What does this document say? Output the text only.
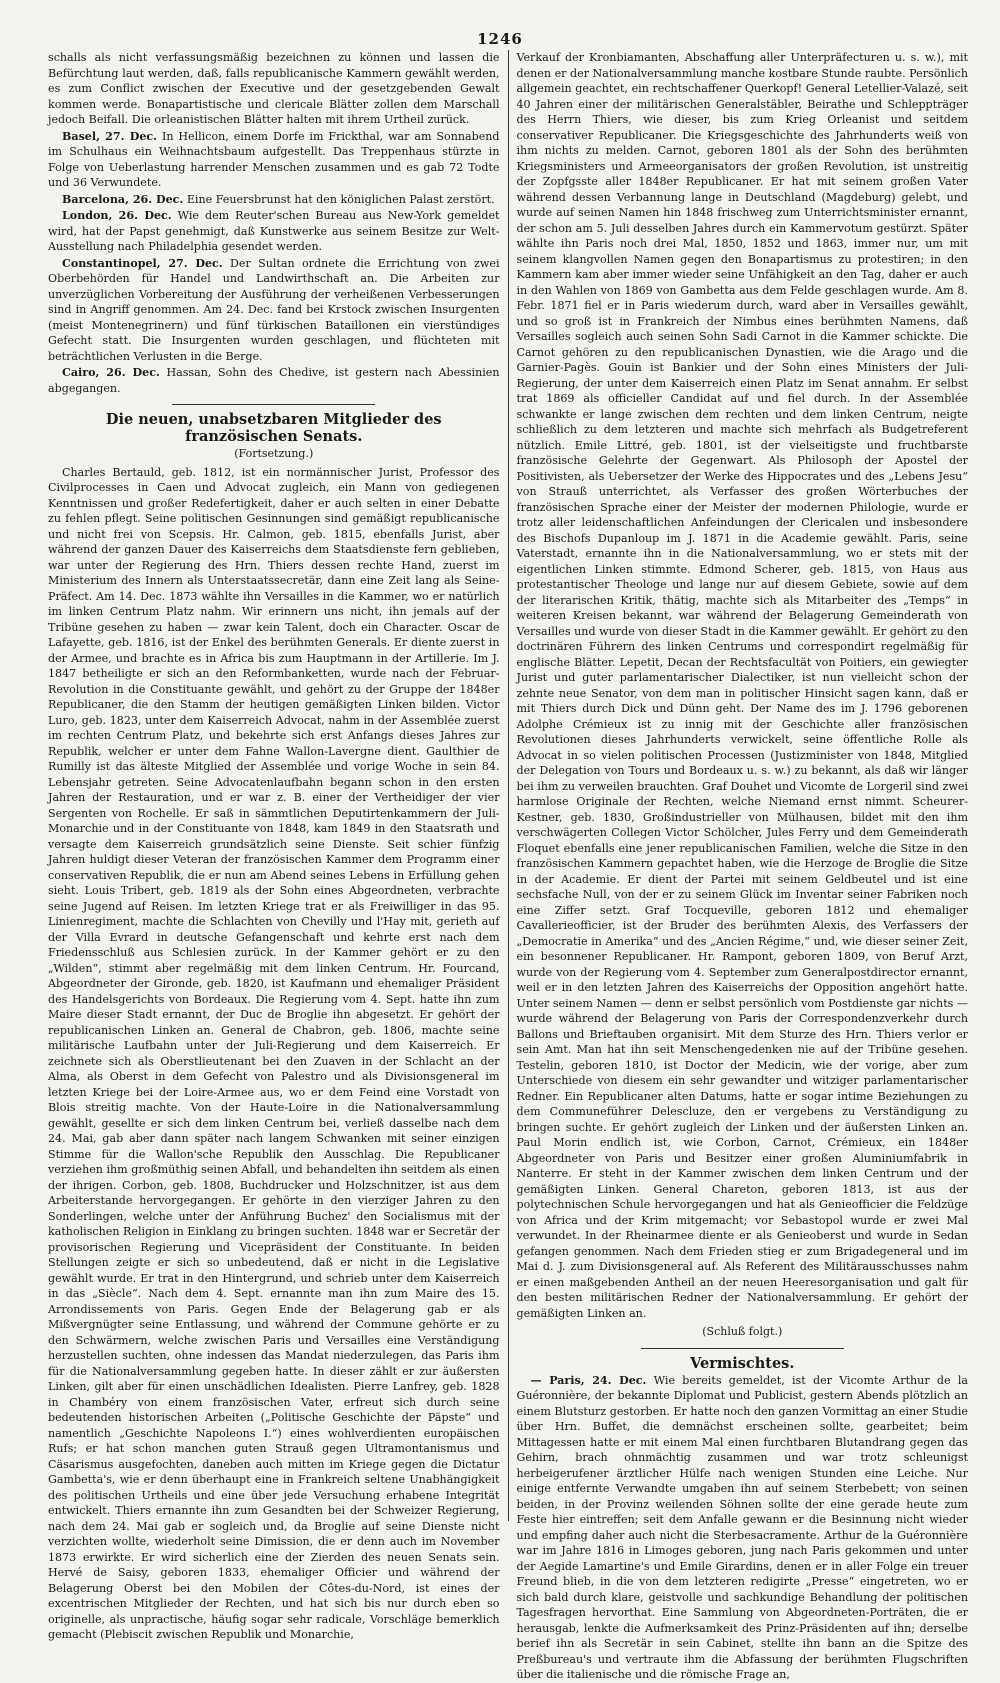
1246

schalls als nicht verfassungsmäßig bezeichnen zu können und lassen die Befürchtung laut werden, daß, falls republicanische Kammern gewählt werden, es zum Conflict zwischen der Executive und der gesetzgebenden Gewalt kommen werde. Bonapartistische und clericale Blätter zollen dem Marschall jedoch Beifall. Die orleanistischen Blätter halten mit ihrem Urtheil zurück.

Basel, 27. Dec. In Hellicon, einem Dorfe im Frickthal, war am Sonnabend im Schulhaus ein Weihnachtsbaum aufgestellt. Das Treppenhaus stürzte in Folge von Ueberlastung harrender Menschen zusammen und es gab 72 Todte und 36 Verwundete.

Barcelona, 26. Dec. Eine Feuersbrunst hat den königlichen Palast zerstört.

London, 26. Dec. Wie dem Reuter'schen Bureau aus New-York gemeldet wird, hat der Papst genehmigt, daß Kunstwerke aus seinem Besitze zur Welt-Ausstellung nach Philadelphia gesendet werden.

Constantinopel, 27. Dec. Der Sultan ordnete die Errichtung von zwei Oberbehörden für Handel und Landwirthschaft an. Die Arbeiten zur unverzüglichen Vorbereitung der Ausführung der verheißenen Verbesserungen sind in Angriff genommen. Am 24. Dec. fand bei Krstock zwischen Insurgenten (meist Montenegrinern) und fünf türkischen Bataillonen ein vierstündiges Gefecht statt. Die Insurgenten wurden geschlagen, und flüchteten mit beträchtlichen Verlusten in die Berge.

Cairo, 26. Dec. Hassan, Sohn des Chedive, ist gestern nach Abessinien abgegangen.

Die neuen, unabsetzbaren Mitglieder des französischen Senats.
(Fortsetzung.)

Charles Bertauld, geb. 1812, ist ein normännischer Jurist, Professor des Civilprocesses in Caen und Advocat zugleich, ein Mann von gediegenen Kenntnissen und großer Redefertigkeit, daher er auch selten in einer Debatte zu fehlen pflegt. Seine politischen Gesinnungen sind gemäßigt republicanische und nicht frei von Scepsis. Hr. Calmon, geb. 1815, ebenfalls Jurist, aber während der ganzen Dauer des Kaiserreichs dem Staatsdienste fern geblieben, war unter der Regierung des Hrn. Thiers dessen rechte Hand, zuerst im Ministerium des Innern als Unterstaatssecretär, dann eine Zeit lang als Seine-Präfect. Am 14. Dec. 1873 wählte ihn Versailles in die Kammer, wo er natürlich im linken Centrum Platz nahm. Wir erinnern uns nicht, ihn jemals auf der Tribüne gesehen zu haben — zwar kein Talent, doch ein Character. Oscar de Lafayette, geb. 1816, ist der Enkel des berühmten Generals. Er diente zuerst in der Armee, und brachte es in Africa bis zum Hauptmann in der Artillerie. Im J. 1847 betheiligte er sich an den Reformbanketten, wurde nach der Februar-Revolution in die Constituante gewählt, und gehört zu der Gruppe der 1848er Republicaner, die den Stamm der heutigen gemäßigten Linken bilden. Victor Luro, geb. 1823, unter dem Kaiserreich Advocat, nahm in der Assemblée zuerst im rechten Centrum Platz, und bekehrte sich erst Anfangs dieses Jahres zur Republik, welcher er unter dem Fahne Wallon-Lavergne dient. Gaulthier de Rumilly ist das älteste Mitglied der Assemblée und vorige Woche in sein 84. Lebensjahr getreten. Seine Advocatenlaufbahn begann schon in den ersten Jahren der Restauration, und er war z. B. einer der Vertheidiger der vier Sergenten von Rochelle. Er saß in sämmtlichen Deputirtenkammern der Juli-Monarchie und in der Constituante von 1848, kam 1849 in den Staatsrath und versagte dem Kaiserreich grundsätzlich seine Dienste. Seit schier fünfzig Jahren huldigt dieser Veteran der französischen Kammer dem Programm einer conservativen Republik, die er nun am Abend seines Lebens in Erfüllung gehen sieht. Louis Tribert, geb. 1819 als der Sohn eines Abgeordneten, verbrachte seine Jugend auf Reisen. Im letzten Kriege trat er als Freiwilliger in das 95. Linienregiment, machte die Schlachten von Chevilly und l'Hay mit, gerieth auf der Villa Evrard in deutsche Gefangenschaft und kehrte erst nach dem Friedensschluß aus Schlesien zurück. In der Kammer gehört er zu den „Wilden“, stimmt aber regelmäßig mit dem linken Centrum. Hr. Fourcand, Abgeordneter der Gironde, geb. 1820, ist Kaufmann und ehemaliger Präsident des Handelsgerichts von Bordeaux. Die Regierung vom 4. Sept. hatte ihn zum Maire dieser Stadt ernannt, der Duc de Broglie ihn abgesetzt. Er gehört der republicanischen Linken an. General de Chabron, geb. 1806, machte seine militärische Laufbahn unter der Juli-Regierung und dem Kaiserreich. Er zeichnete sich als Oberstlieutenant bei den Zuaven in der Schlacht an der Alma, als Oberst in dem Gefecht von Palestro und als Divisionsgeneral im letzten Kriege bei der Loire-Armee aus, wo er dem Feind eine Vorstadt von Blois streitig machte. Von der Haute-Loire in die Nationalversammlung gewählt, gesellte er sich dem linken Centrum bei, verließ dasselbe nach dem 24. Mai, gab aber dann später nach langem Schwanken mit seiner einzigen Stimme für die Wallon'sche Republik den Ausschlag. Die Republicaner verziehen ihm großmüthig seinen Abfall, und behandelten ihn seitdem als einen der ihrigen. Corbon, geb. 1808, Buchdrucker und Holzschnitzer, ist aus dem Arbeiterstande hervorgegangen. Er gehörte in den vierziger Jahren zu den Sonderlingen, welche unter der Anführung Buchez' den Socialismus mit der katholischen Religion in Einklang zu bringen suchten. 1848 war er Secretär der provisorischen Regierung und Vicepräsident der Constituante. In beiden Stellungen zeigte er sich so unbedeutend, daß er nicht in die Legislative gewählt wurde. Er trat in den Hintergrund, und schrieb unter dem Kaiserreich in das „Siècle“. Nach dem 4. Sept. ernannte man ihn zum Maire des 15. Arrondissements von Paris. Gegen Ende der Belagerung gab er als Mißvergnügter seine Entlassung, und während der Commune gehörte er zu den Schwärmern, welche zwischen Paris und Versailles eine Verständigung herzustellen suchten, ohne indessen das Mandat niederzulegen, das Paris ihm für die Nationalversammlung gegeben hatte. In dieser zählt er zur äußersten Linken, gilt aber für einen unschädlichen Idealisten. Pierre Lanfrey, geb. 1828 in Chambéry von einem französischen Vater, erfreut sich durch seine bedeutenden historischen Arbeiten („Politische Geschichte der Päpste“ und namentlich „Geschichte Napoleons I.“) eines wohlverdienten europäischen Rufs; er hat schon manchen guten Strauß gegen Ultramontanismus und Cäsarismus ausgefochten, daneben auch mitten im Kriege gegen die Dictatur Gambetta's, wie er denn überhaupt eine in Frankreich seltene Unabhängigkeit des politischen Urtheils und eine über jede Versuchung erhabene Integrität entwickelt. Thiers ernannte ihn zum Gesandten bei der Schweizer Regierung, nach dem 24. Mai gab er sogleich und, da Broglie auf seine Dienste nicht verzichten wollte, wiederholt seine Dimission, die er denn auch im November 1873 erwirkte. Er wird sicherlich eine der Zierden des neuen Senats sein. Hervé de Saisy, geboren 1833, ehemaliger Officier und während der Belagerung Oberst bei den Mobilen der Côtes-du-Nord, ist eines der excentrischen Mitglieder der Rechten, und hat sich bis nur durch eben so originelle, als unpractische, häufig sogar sehr radicale, Vorschläge bemerklich gemacht (Plebiscit zwischen Republik und Monarchie,

Verkauf der Kronbiamanten, Abschaffung aller Unterpräfecturen u. s. w.), mit denen er der Nationalversammlung manche kostbare Stunde raubte. Persönlich allgemein geachtet, ein rechtschaffener Querkopf! General Letellier-Valazé, seit 40 Jahren einer der militärischen Generalstäbler, Beirathe und Schleppträger des Herrn Thiers, wie dieser, bis zum Krieg Orleanist und seitdem conservativer Republicaner. Die Kriegsgeschichte des Jahrhunderts weiß von ihm nichts zu melden. Carnot, geboren 1801 als der Sohn des berühmten Kriegsministers und Armeeorganisators der großen Revolution, ist unstreitig der Zopfgsste aller 1848er Republicaner. Er hat mit seinem großen Vater während dessen Verbannung lange in Deutschland (Magdeburg) gelebt, und wurde auf seinen Namen hin 1848 frischweg zum Unterrichtsminister ernannt, der schon am 5. Juli desselben Jahres durch ein Kammervotum gestürzt. Später wählte ihn Paris noch drei Mal, 1850, 1852 und 1863, immer nur, um mit seinem klangvollen Namen gegen den Bonapartismus zu protestiren; in den Kammern kam aber immer wieder seine Unfähigkeit an den Tag, daher er auch in den Wahlen von 1869 von Gambetta aus dem Felde geschlagen wurde. Am 8. Febr. 1871 fiel er in Paris wiederum durch, ward aber in Versailles gewählt, und so groß ist in Frankreich der Nimbus eines berühmten Namens, daß Versailles sogleich auch seinen Sohn Sadi Carnot in die Kammer schickte. Die Carnot gehören zu den republicanischen Dynastien, wie die Arago und die Garnier-Pagès. Gouin ist Bankier und der Sohn eines Ministers der Juli-Regierung, der unter dem Kaiserreich einen Platz im Senat annahm. Er selbst trat 1869 als officieller Candidat auf und fiel durch. In der Assemblée schwankte er lange zwischen dem rechten und dem linken Centrum, neigte schließlich zu dem letzteren und machte sich mehrfach als Budgetreferent nützlich. Emile Littré, geb. 1801, ist der vielseitigste und fruchtbarste französische Gelehrte der Gegenwart. Als Philosoph der Apostel der Positivisten, als Uebersetzer der Werke des Hippocrates und des „Lebens Jesu“ von Strauß unterrichtet, als Verfasser des großen Wörterbuches der französischen Sprache einer der Meister der modernen Philologie, wurde er trotz aller leidenschaftlichen Anfeindungen der Clericalen und insbesondere des Bischofs Dupanloup im J. 1871 in die Academie gewählt. Paris, seine Vaterstadt, ernannte ihn in die Nationalversammlung, wo er stets mit der eigentlichen Linken stimmte. Edmond Scherer, geb. 1815, von Haus aus protestantischer Theologe und lange nur auf diesem Gebiete, sowie auf dem der literarischen Kritik, thätig, machte sich als Mitarbeiter des „Temps“ in weiteren Kreisen bekannt, war während der Belagerung Gemeinderath von Versailles und wurde von dieser Stadt in die Kammer gewählt. Er gehört zu den doctrinären Führern des linken Centrums und correspondirt regelmäßig für englische Blätter. Lepetit, Decan der Rechtsfacultät von Poitiers, ein gewiegter Jurist und guter parlamentarischer Dialectiker, ist nun vielleicht schon der zehnte neue Senator, von dem man in politischer Hinsicht sagen kann, daß er mit Thiers durch Dick und Dünn geht. Der Name des im J. 1796 geborenen Adolphe Crémieux ist zu innig mit der Geschichte aller französischen Revolutionen dieses Jahrhunderts verwickelt, seine öffentliche Rolle als Advocat in so vielen politischen Processen (Justizminister von 1848, Mitglied der Delegation von Tours und Bordeaux u. s. w.) zu bekannt, als daß wir länger bei ihm zu verweilen brauchten. Graf Douhet und Vicomte de Lorgeril sind zwei harmlose Originale der Rechten, welche Niemand ernst nimmt. Scheurer-Kestner, geb. 1830, Großindustrieller von Mülhausen, bildet mit den ihm verschwägerten Collegen Victor Schölcher, Jules Ferry und dem Gemeinderath Floquet ebenfalls eine jener republicanischen Familien, welche die Sitze in den französischen Kammern gepachtet haben, wie die Herzoge de Broglie die Sitze in der Academie. Er dient der Partei mit seinem Geldbeutel und ist eine sechsfache Null, von der er zu seinem Glück im Inventar seiner Fabriken noch eine Ziffer setzt. Graf Tocqueville, geboren 1812 und ehemaliger Cavallerieofficier, ist der Bruder des berühmten Alexis, des Verfassers der „Democratie in Amerika“ und des „Ancien Régime,“ und, wie dieser seiner Zeit, ein besonnener Republicaner. Hr. Rampont, geboren 1809, von Beruf Arzt, wurde von der Regierung vom 4. September zum Generalpostdirector ernannt, weil er in den letzten Jahren des Kaiserreichs der Opposition angehört hatte. Unter seinem Namen — denn er selbst persönlich vom Postdienste gar nichts — wurde während der Belagerung von Paris der Correspondenzverkehr durch Ballons und Brieftauben organisirt. Mit dem Sturze des Hrn. Thiers verlor er sein Amt. Man hat ihn seit Menschengedenken nie auf der Tribüne gesehen. Testelin, geboren 1810, ist Doctor der Medicin, wie der vorige, aber zum Unterschiede von diesem ein sehr gewandter und witziger parlamentarischer Redner. Ein Republicaner alten Datums, hatte er sogar intime Beziehungen zu dem Communeführer Delescluze, den er vergebens zu Verständigung zu bringen suchte. Er gehört zugleich der Linken und der äußersten Linken an. Paul Morin endlich ist, wie Corbon, Carnot, Crémieux, ein 1848er Abgeordneter von Paris und Besitzer einer großen Aluminiumfabrik in Nanterre. Er steht in der Kammer zwischen dem linken Centrum und der gemäßigten Linken. General Chareton, geboren 1813, ist aus der polytechnischen Schule hervorgegangen und hat als Genieofficier die Feldzüge von Africa und der Krim mitgemacht; vor Sebastopol wurde er zwei Mal verwundet. In der Rheinarmee diente er als Genieoberst und wurde in Sedan gefangen genommen. Nach dem Frieden stieg er zum Brigadegeneral und im Mai d. J. zum Divisionsgeneral auf. Als Referent des Militärausschusses nahm er einen maßgebenden Antheil an der neuen Heeresorganisation und galt für den besten militärischen Redner der Nationalversammlung. Er gehört der gemäßigten Linken an.

(Schluß folgt.)
Vermischtes.

— Paris, 24. Dec. Wie bereits gemeldet, ist der Vicomte Arthur de la Guéronnière, der bekannte Diplomat und Publicist, gestern Abends plötzlich an einem Blutsturz gestorben. Er hatte noch den ganzen Vormittag an einer Studie über Hrn. Buffet, die demnächst erscheinen sollte, gearbeitet; beim Mittagessen hatte er mit einem Mal einen furchtbaren Blutandrang gegen das Gehirn, brach ohnmächtig zusammen und war trotz schleunigst herbeigerufener ärztlicher Hülfe nach wenigen Stunden eine Leiche. Nur einige entfernte Verwandte umgaben ihn auf seinem Sterbebett; von seinen beiden, in der Provinz weilenden Söhnen sollte der eine gerade heute zum Feste hier eintreffen; seit dem Anfalle gewann er die Besinnung nicht wieder und empfing daher auch nicht die Sterbesacramente. Arthur de la Guéronnière war im Jahre 1816 in Limoges geboren, jung nach Paris gekommen und unter der Aegide Lamartine's und Emile Girardins, denen er in aller Folge ein treuer Freund blieb, in die von dem letzteren redigirte „Presse“ eingetreten, wo er sich bald durch klare, geistvolle und sachkundige Behandlung der politischen Tagesfragen hervorthat. Eine Sammlung von Abgeordneten-Porträten, die er herausgab, lenkte die Aufmerksamkeit des Prinz-Präsidenten auf ihn; derselbe berief ihn als Secretär in sein Cabinet, stellte ihn bann an die Spitze des Preßbureau's und vertraute ihm die Abfassung der berühmten Flugschriften über die italienische und die römische Frage an,
